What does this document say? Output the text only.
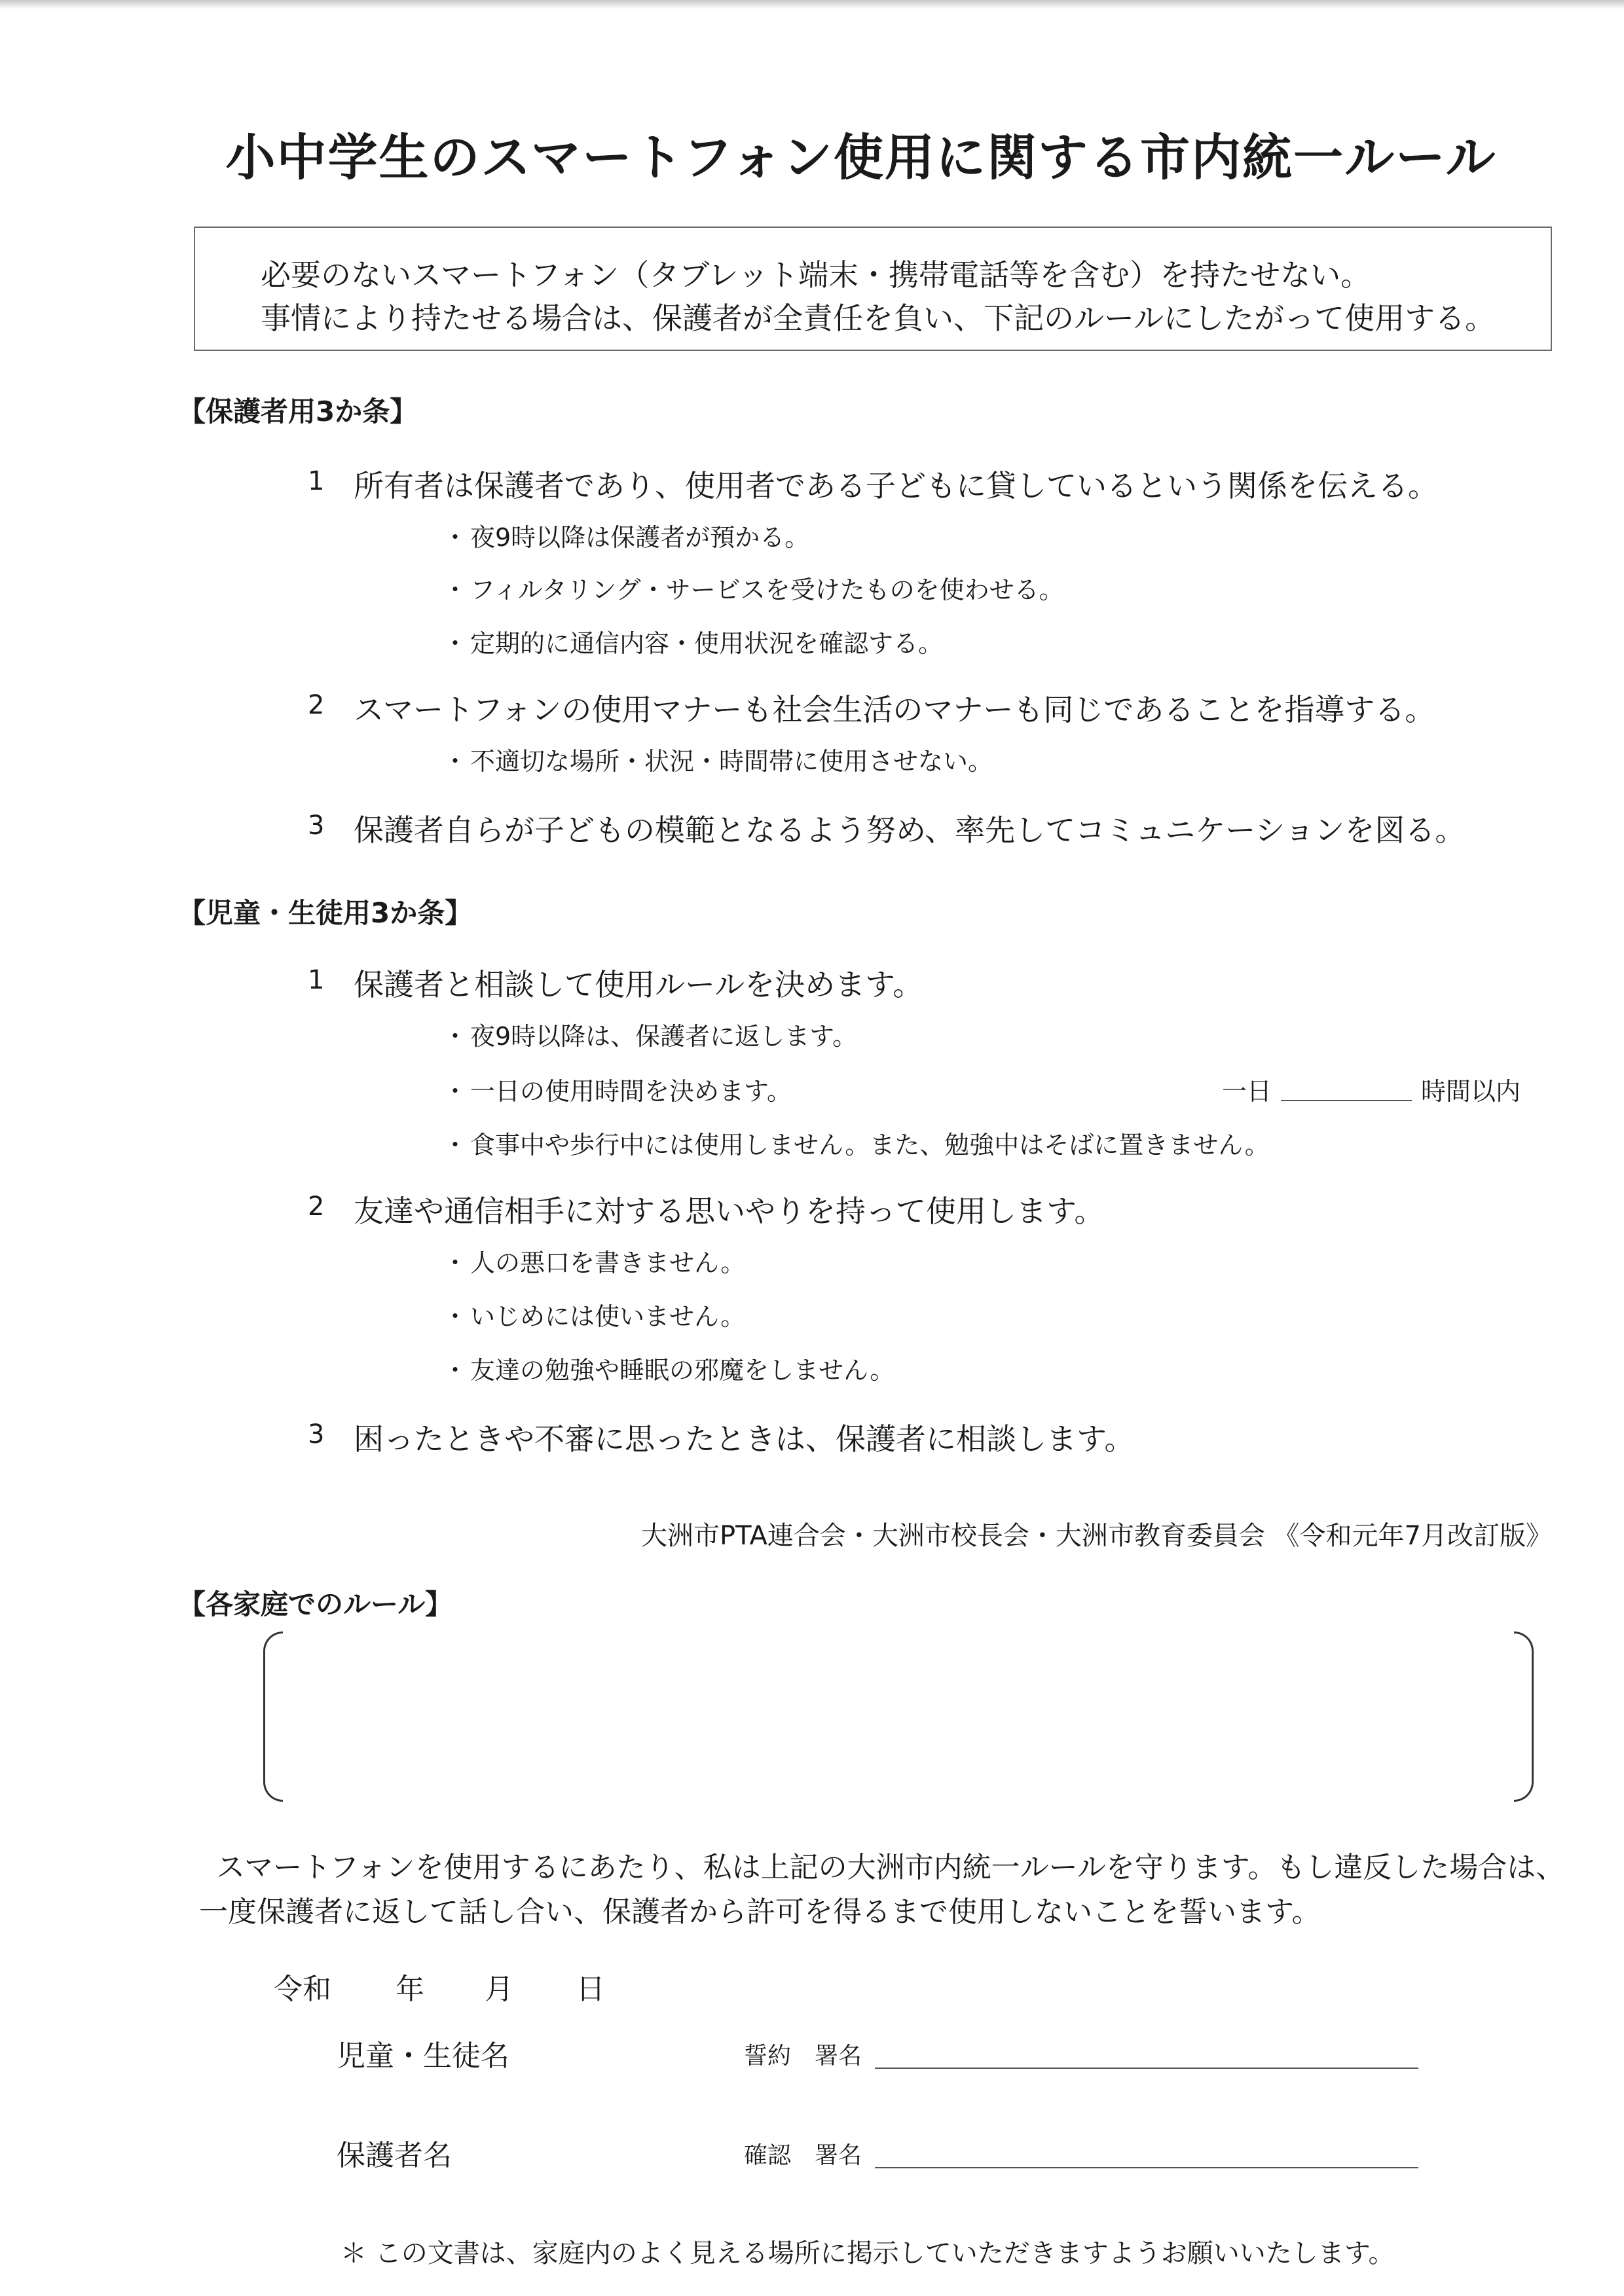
小中学生のスマートフォン使用に関する市内統一ルール
必要のないスマートフォン（タブレット端末・携帯電話等を含む）を持たせない。
事情により持たせる場合は、保護者が全責任を負い、下記のルールにしたがって使用する。
【保護者用3か条】
1 所有者は保護者であり、使用者である子どもに貸しているという関係を伝える。
・ 夜9時以降は保護者が預かる。
・ フィルタリング・サービスを受けたものを使わせる。
・ 定期的に通信内容・使用状況を確認する。
2 スマートフォンの使用マナーも社会生活のマナーも同じであることを指導する。
・ 不適切な場所・状況・時間帯に使用させない。
3 保護者自らが子どもの模範となるよう努め、率先してコミュニケーションを図る。
【児童・生徒用3か条】
1 保護者と相談して使用ルールを決めます。
・ 夜9時以降は、保護者に返します。
・ 一日の使用時間を決めます。	一日	時間以内
・ 食事中や歩行中には使用しません。また、勉強中はそばに置きません。
2 友達や通信相手に対する思いやりを持って使用します。
・ 人の悪口を書きません。
・ いじめには使いません。
・ 友達の勉強や睡眠の邪魔をしません。
3 困ったときや不審に思ったときは、保護者に相談します。
大洲市PTA連合会・大洲市校長会・大洲市教育委員会 《令和元年7月改訂版》
【各家庭でのルール】
スマートフォンを使用するにあたり、私は上記の大洲市内統一ルールを守ります。もし違反した場合は、
一度保護者に返して話し合い、保護者から許可を得るまで使用しないことを誓います。
令和 年 月 日
児童・生徒名	誓約　署名
保護者名	確認　署名
＊ この文書は、家庭内のよく見える場所に掲示していただきますようお願いいたします。
